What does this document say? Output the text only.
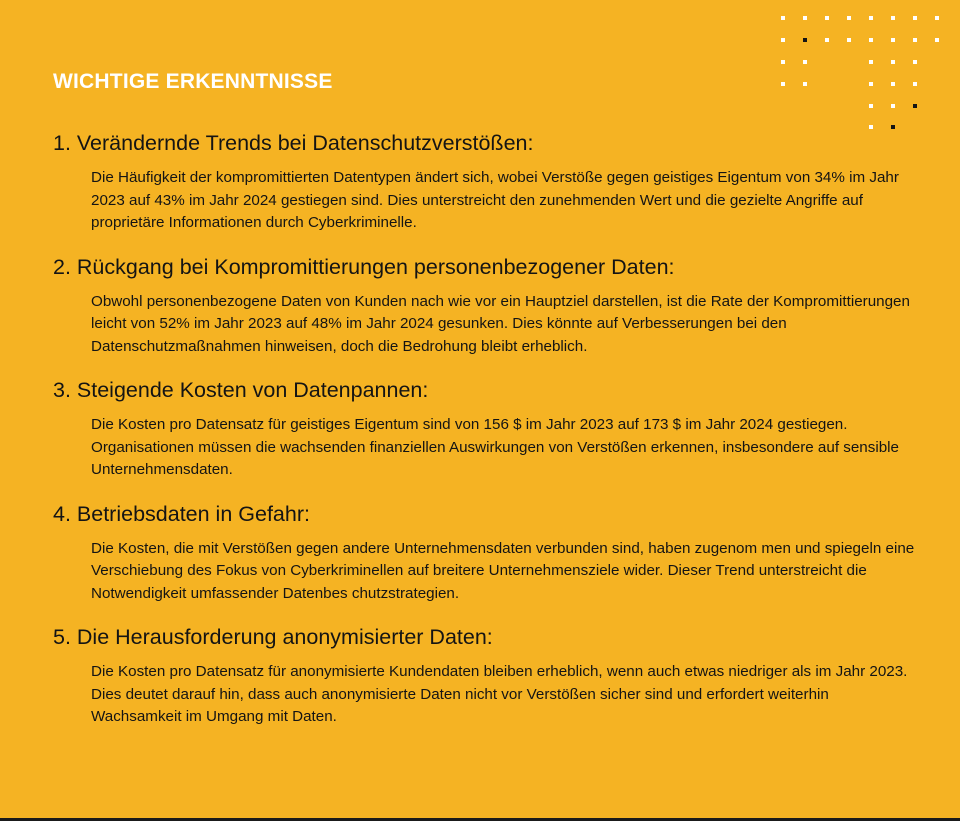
WICHTIGE ERKENNTNISSE
1. Verändernde Trends bei Datenschutzverstößen:

Die Häufigkeit der kompromittierten Datentypen ändert sich, wobei Verstöße gegen geistiges Eigentum von 34% im Jahr 2023 auf 43% im Jahr 2024 gestiegen sind. Dies unterstreicht den zunehmenden Wert und die gezielte Angriffe auf proprietäre Informationen durch Cyberkriminelle.

2. Rückgang bei Kompromittierungen personenbezogener Daten:

Obwohl personenbezogene Daten von Kunden nach wie vor ein Hauptziel darstellen, ist die Rate der Kompromittierungen leicht von 52% im Jahr 2023 auf 48% im Jahr 2024 gesunken. Dies könnte auf Verbesserungen bei den Datenschutzmaßnahmen hinweisen, doch die Bedrohung bleibt erheblich.

3. Steigende Kosten von Datenpannen:

Die Kosten pro Datensatz für geistiges Eigentum sind von 156 $ im Jahr 2023 auf 173 $ im Jahr 2024 gestiegen. Organisationen müssen die wachsenden finanziellen Auswirkungen von Verstößen erkennen, insbesondere auf sensible Unternehmensdaten.

4. Betriebsdaten in Gefahr:

Die Kosten, die mit Verstößen gegen andere Unternehmensdaten verbunden sind, haben zugenom men und spiegeln eine Verschiebung des Fokus von Cyberkriminellen auf breitere Unternehmensziele wider. Dieser Trend unterstreicht die Notwendigkeit umfassender Datenbes chutzstrategien.

5. Die Herausforderung anonymisierter Daten:

Die Kosten pro Datensatz für anonymisierte Kundendaten bleiben erheblich, wenn auch etwas niedriger als im Jahr 2023. Dies deutet darauf hin, dass auch anonymisierte Daten nicht vor Verstößen sicher sind und erfordert weiterhin Wachsamkeit im Umgang mit Daten.
